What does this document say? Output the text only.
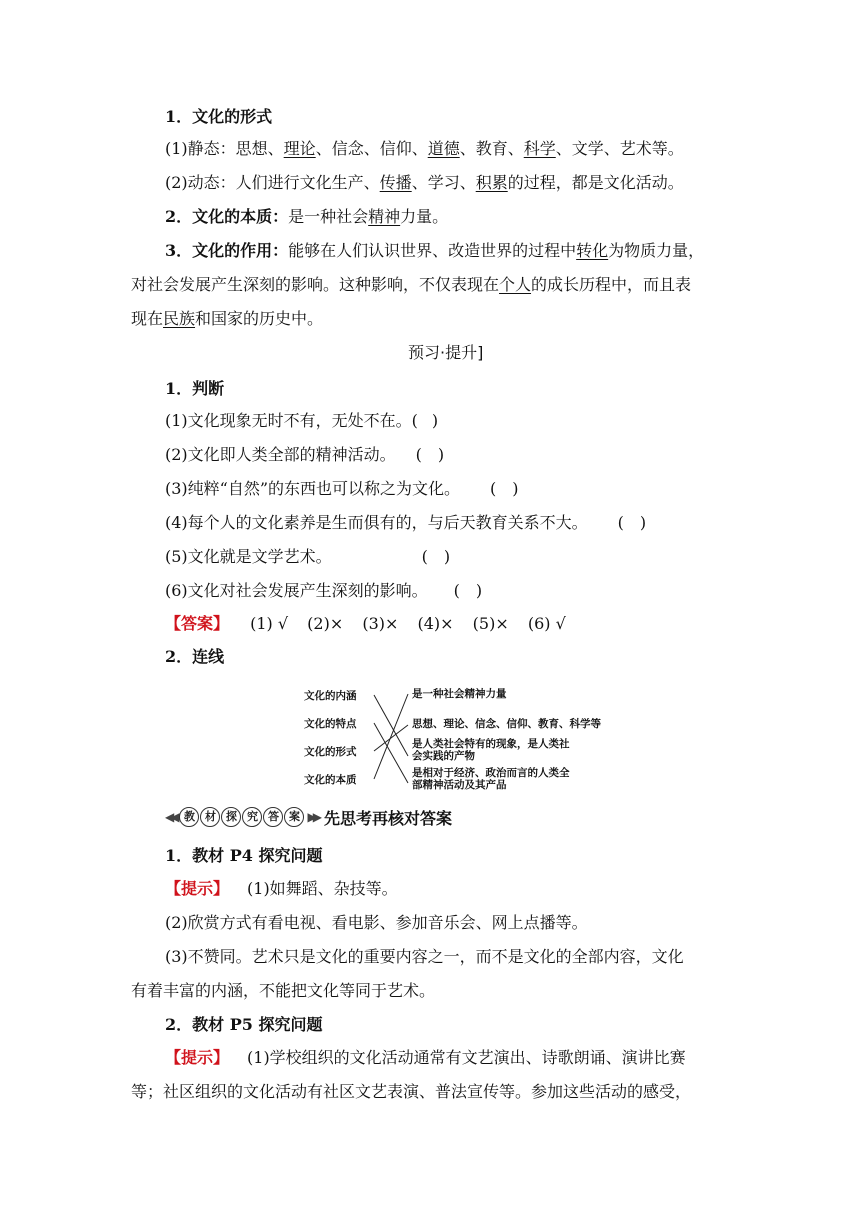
1．文化的形式
(1)静态：思想、理论、信念、信仰、道德、教育、科学、文学、艺术等。
(2)动态：人们进行文化生产、传播、学习、积累的过程，都是文化活动。
2．文化的本质：是一种社会精神力量。
3．文化的作用：能够在人们认识世界、改造世界的过程中转化为物质力量，
对社会发展产生深刻的影响。这种影响，不仅表现在个人的成长历程中，而且表
现在民族和国家的历史中。
预习·提升]
1．判断
(1)文化现象无时不有，无处不在。( )
(2)文化即人类全部的精神活动。 (　)
(3)纯粹“自然”的东西也可以称之为文化。 (　)
(4)每个人的文化素养是生而俱有的，与后天教育关系不大。 (　)
(5)文化就是文学艺术。	(　)
(6)文化对社会发展产生深刻的影响。 (　)
【答案】 (1) √ (2)× (3)× (4)× (5)× (6) √
2．连线
文化的内涵
文化的特点
文化的形式
文化的本质
是一种社会精神力量
思想、理论、信念、信仰、教育、科学等
是人类社会特有的现象，是人类社
会实践的产物
是相对于经济、政治而言的人类全
部精神活动及其产品
◀◀ 教 材 探 究 答 案 ▶▶ 先思考再核对答案
1．教材 P4 探究问题
【提示】 (1)如舞蹈、杂技等。
(2)欣赏方式有看电视、看电影、参加音乐会、网上点播等。
(3)不赞同。艺术只是文化的重要内容之一，而不是文化的全部内容，文化
有着丰富的内涵，不能把文化等同于艺术。
2．教材 P5 探究问题
【提示】 (1)学校组织的文化活动通常有文艺演出、诗歌朗诵、演讲比赛
等；社区组织的文化活动有社区文艺表演、普法宣传等。参加这些活动的感受，
